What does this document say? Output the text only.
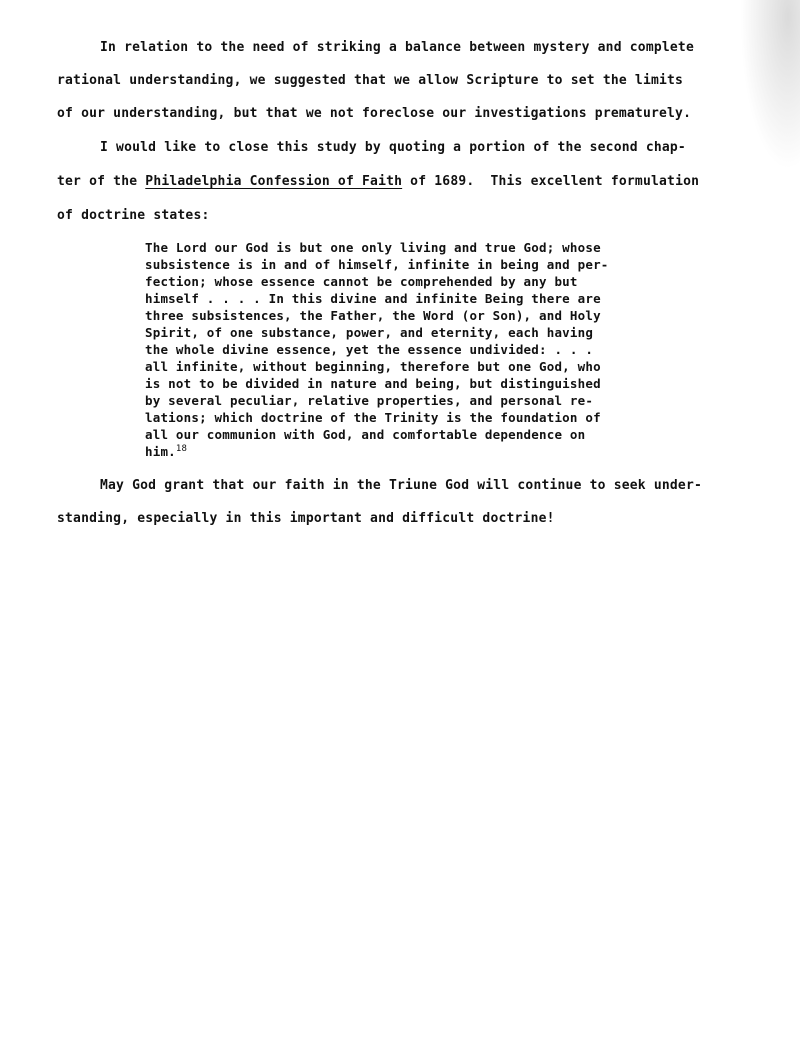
In relation to the need of striking a balance between mystery and complete
rational understanding, we suggested that we allow Scripture to set the limits
of our understanding, but that we not foreclose our investigations prematurely.
I would like to close this study by quoting a portion of the second chap-
ter of the Philadelphia Confession of Faith of 1689.  This excellent formulation
of doctrine states:
The Lord our God is but one only living and true God; whose
subsistence is in and of himself, infinite in being and per-
fection; whose essence cannot be comprehended by any but
himself . . . . In this divine and infinite Being there are
three subsistences, the Father, the Word (or Son), and Holy
Spirit, of one substance, power, and eternity, each having
the whole divine essence, yet the essence undivided: . . .
all infinite, without beginning, therefore but one God, who
is not to be divided in nature and being, but distinguished
by several peculiar, relative properties, and personal re-
lations; which doctrine of the Trinity is the foundation of
all our communion with God, and comfortable dependence on
him.$^{18}$
May God grant that our faith in the Triune God will continue to seek under-
standing, especially in this important and difficult doctrine!
